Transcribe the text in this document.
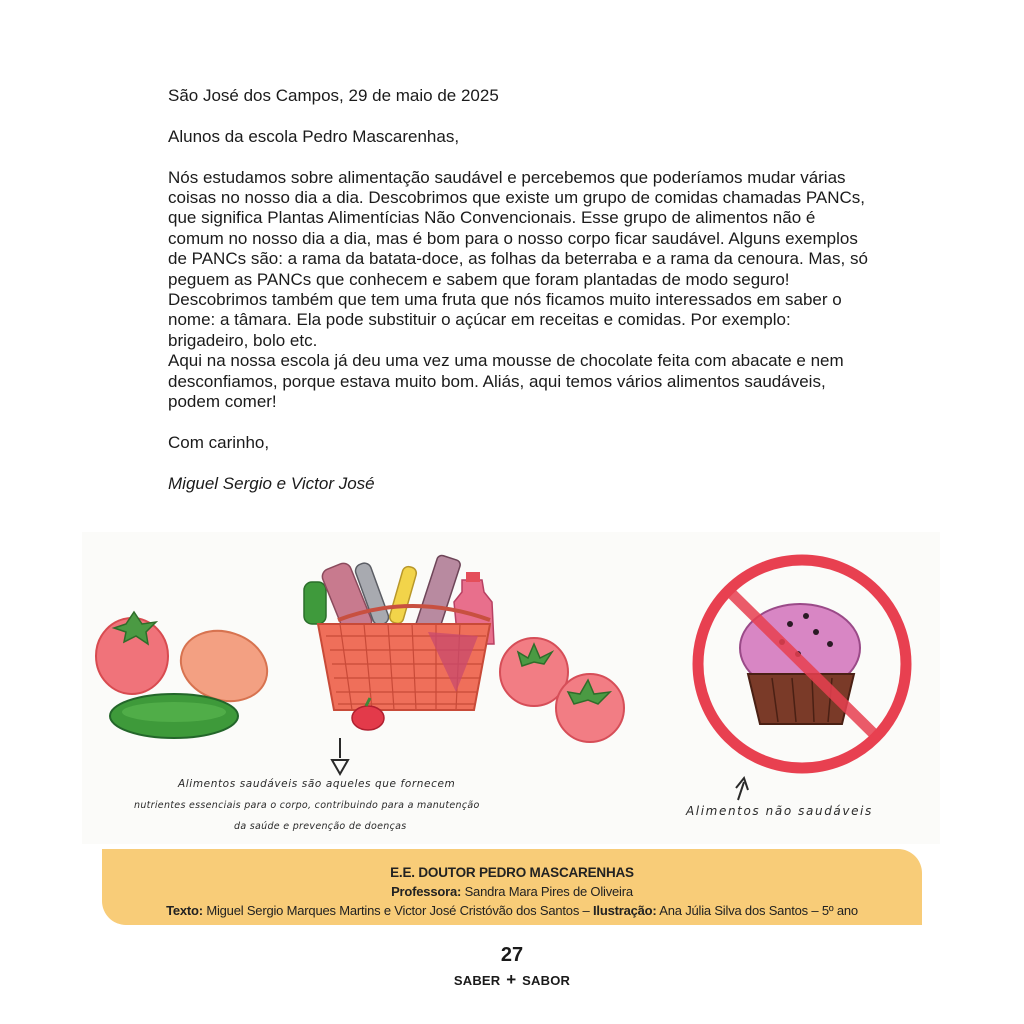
São José dos Campos, 29 de maio de 2025

Alunos da escola Pedro Mascarenhas,

Nós estudamos sobre alimentação saudável e percebemos que poderíamos mudar várias coisas no nosso dia a dia. Descobrimos que existe um grupo de comidas chamadas PANCs, que significa Plantas Alimentícias Não Convencionais. Esse grupo de alimentos não é comum no nosso dia a dia, mas é bom para o nosso corpo ficar saudável. Alguns exemplos de PANCs são: a rama da batata-doce, as folhas da beterraba e a rama da cenoura. Mas, só peguem as PANCs que conhecem e sabem que foram plantadas de modo seguro!

Descobrimos também que tem uma fruta que nós ficamos muito interessados em saber o nome: a tâmara. Ela pode substituir o açúcar em receitas e comidas. Por exemplo: brigadeiro, bolo etc.

Aqui na nossa escola já deu uma vez uma mousse de chocolate feita com abacate e nem desconfiamos, porque estava muito bom. Aliás, aqui temos vários alimentos saudáveis, podem comer!

Com carinho,

Miguel Sergio e Victor José

Alimentos saudáveis são aqueles que fornecem
nutrientes essenciais para o corpo, contribuindo para a manutenção
da saúde e prevenção de doenças
Alimentos não saudáveis
E.E. DOUTOR PEDRO MASCARENHAS
Professora: Sandra Mara Pires de Oliveira
Texto: Miguel Sergio Marques Martins e Victor José Cristóvão dos Santos – Ilustração: Ana Júlia Silva dos Santos – 5º ano
27
SABER + SABOR
